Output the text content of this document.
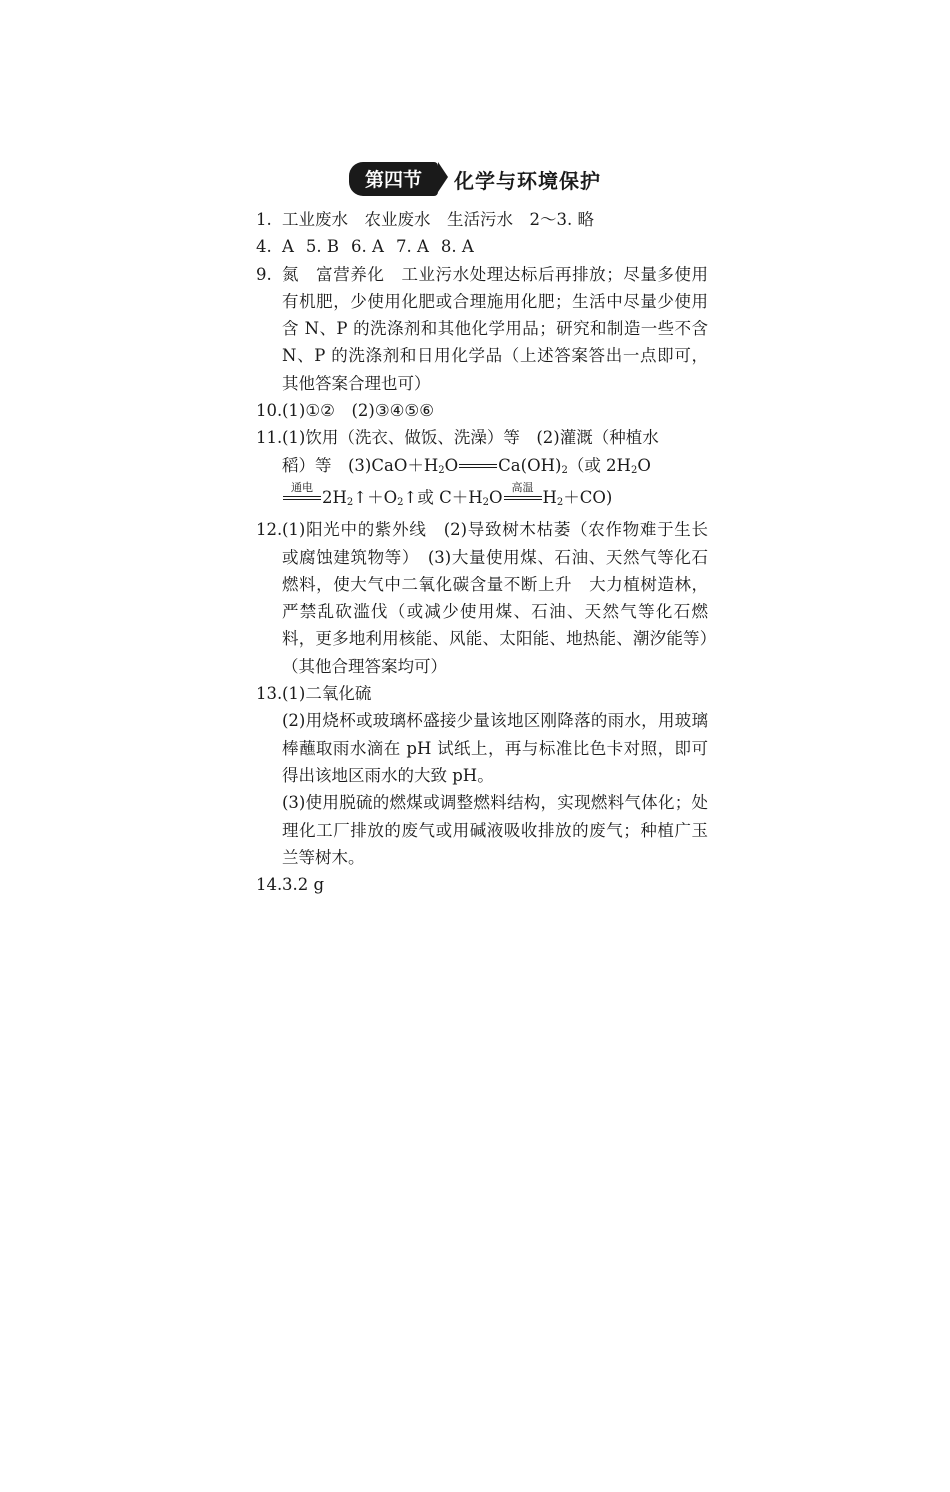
第四节	化学与环境保护
1. 工业废水　农业废水　生活污水　2～3. 略
4. A 5. B 6. A 7. A 8. A
9. 氮　富营养化　工业污水处理达标后再排放；尽量多使用有机肥，少使用化肥或合理施用化肥；生活中尽量少使用含 N、P 的洗涤剂和其他化学用品；研究和制造一些不含 N、P 的洗涤剂和日用化学品（上述答案答出一点即可，其他答案合理也可）
10. (1)①②　(2)③④⑤⑥
11. (1)饮用（洗衣、做饭、洗澡）等　(2)灌溉（种植水
稻）等　$(3)CaO+H_2O$ $Ca(OH)_2$（或 $2H_2O$
通电 $2H_2↑+O_2↑$或 $C+H_2O$ 高温 $H_2+CO$)
12. (1)阳光中的紫外线　(2)导致树木枯萎（农作物难于生长或腐蚀建筑物等）　(3)大量使用煤、石油、天然气等化石燃料，使大气中二氧化碳含量不断上升　大力植树造林，严禁乱砍滥伐（或减少使用煤、石油、天然气等化石燃料，更多地利用核能、风能、太阳能、地热能、潮汐能等）（其他合理答案均可）
13. (1)二氧化硫
(2)用烧杯或玻璃杯盛接少量该地区刚降落的雨水，用玻璃棒蘸取雨水滴在 pH 试纸上，再与标准比色卡对照，即可得出该地区雨水的大致 pH。
(3)使用脱硫的燃煤或调整燃料结构，实现燃料气体化；处理化工厂排放的废气或用碱液吸收排放的废气；种植广玉兰等树木。
14. 3.2 g
